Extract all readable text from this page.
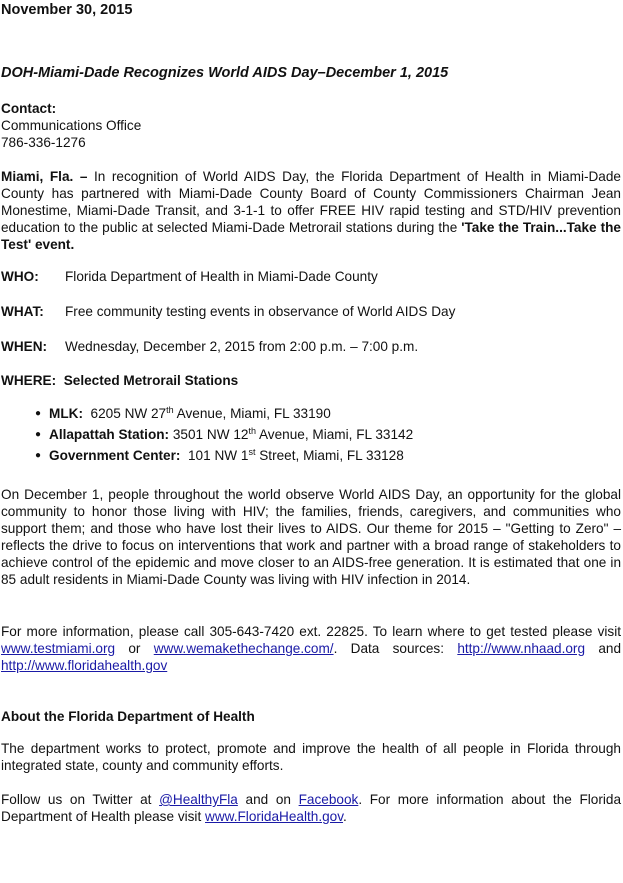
November 30, 2015
DOH-Miami-Dade Recognizes World AIDS Day–December 1, 2015
Contact:
Communications Office
786-336-1276
Miami, Fla. – In recognition of World AIDS Day, the Florida Department of Health in Miami-Dade County has partnered with Miami-Dade County Board of County Commissioners Chairman Jean Monestime, Miami-Dade Transit, and 3-1-1 to offer FREE HIV rapid testing and STD/HIV prevention education to the public at selected Miami-Dade Metrorail stations during the 'Take the Train...Take the Test' event.
WHO: Florida Department of Health in Miami-Dade County
WHAT: Free community testing events in observance of World AIDS Day
WHEN: Wednesday, December 2, 2015 from 2:00 p.m. – 7:00 p.m.
WHERE: Selected Metrorail Stations
● MLK: 6205 NW 27th Avenue, Miami, FL 33190
● Allapattah Station: 3501 NW 12th Avenue, Miami, FL 33142
● Government Center: 101 NW 1st Street, Miami, FL 33128
On December 1, people throughout the world observe World AIDS Day, an opportunity for the global community to honor those living with HIV; the families, friends, caregivers, and communities who support them; and those who have lost their lives to AIDS. Our theme for 2015 – "Getting to Zero" – reflects the drive to focus on interventions that work and partner with a broad range of stakeholders to achieve control of the epidemic and move closer to an AIDS-free generation. It is estimated that one in 85 adult residents in Miami-Dade County was living with HIV infection in 2014.
For more information, please call 305-643-7420 ext. 22825. To learn where to get tested please visit www.testmiami.org or www.wemakethechange.com/. Data sources: http://www.nhaad.org and http://www.floridahealth.gov
About the Florida Department of Health
The department works to protect, promote and improve the health of all people in Florida through integrated state, county and community efforts.
Follow us on Twitter at @HealthyFla and on Facebook. For more information about the Florida Department of Health please visit www.FloridaHealth.gov.
